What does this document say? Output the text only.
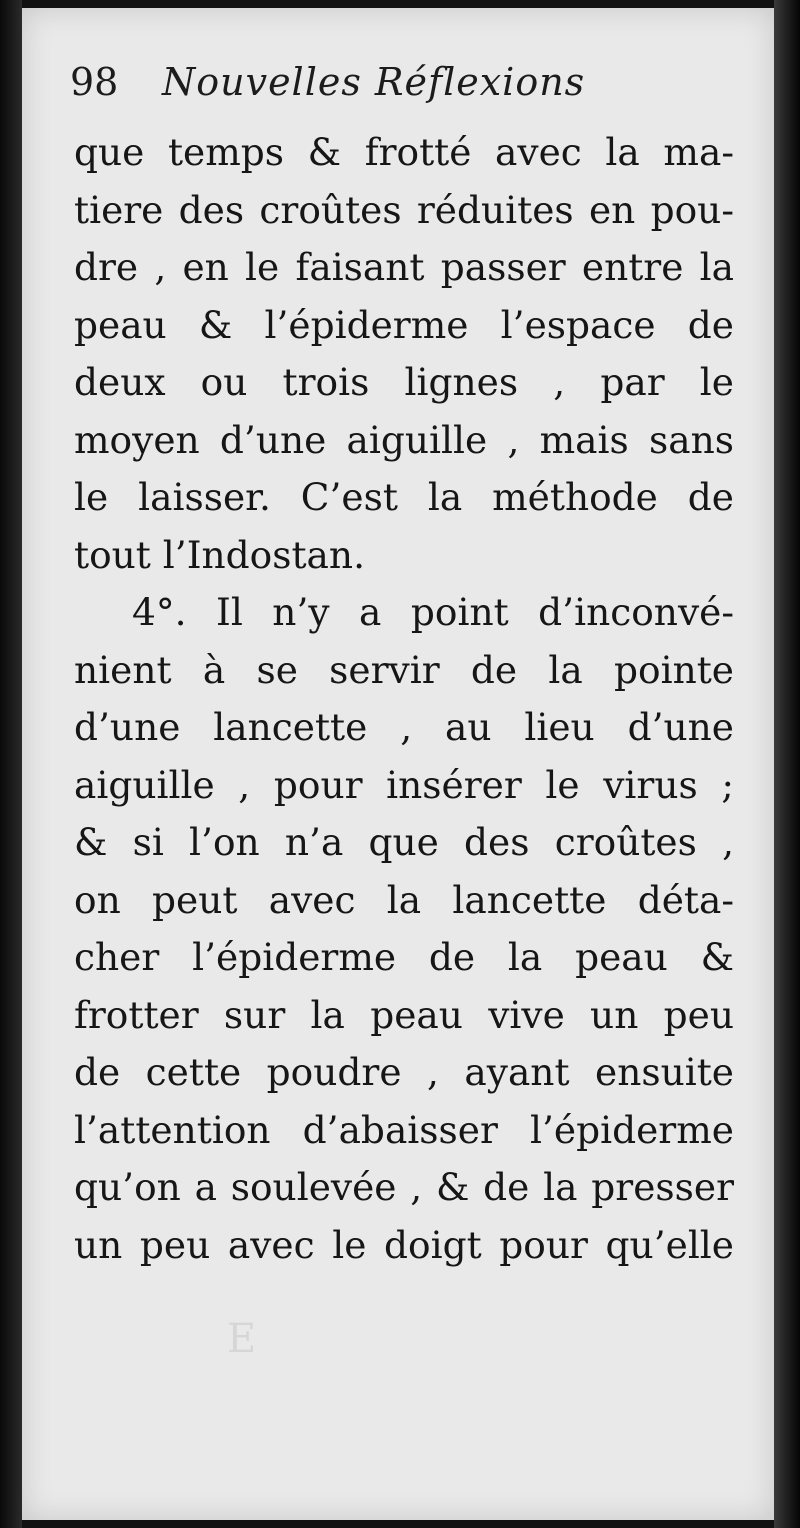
98 Nouvelles Réflexions
que temps & frotté avec la ma-
tiere des croûtes réduites en pou-
dre , en le faisant passer entre la
peau & l’épiderme l’espace de
deux ou trois lignes , par le
moyen d’une aiguille , mais sans
le laisser. C’est la méthode de
tout l’Indostan.
4°. Il n’y a point d’inconvé-
nient à se servir de la pointe
d’une lancette , au lieu d’une
aiguille , pour insérer le virus ;
& si l’on n’a que des croûtes ,
on peut avec la lancette déta-
cher l’épiderme de la peau &
frotter sur la peau vive un peu
de cette poudre , ayant ensuite
l’attention d’abaisser l’épiderme
qu’on a soulevée , & de la presser
un peu avec le doigt pour qu’elle
E
